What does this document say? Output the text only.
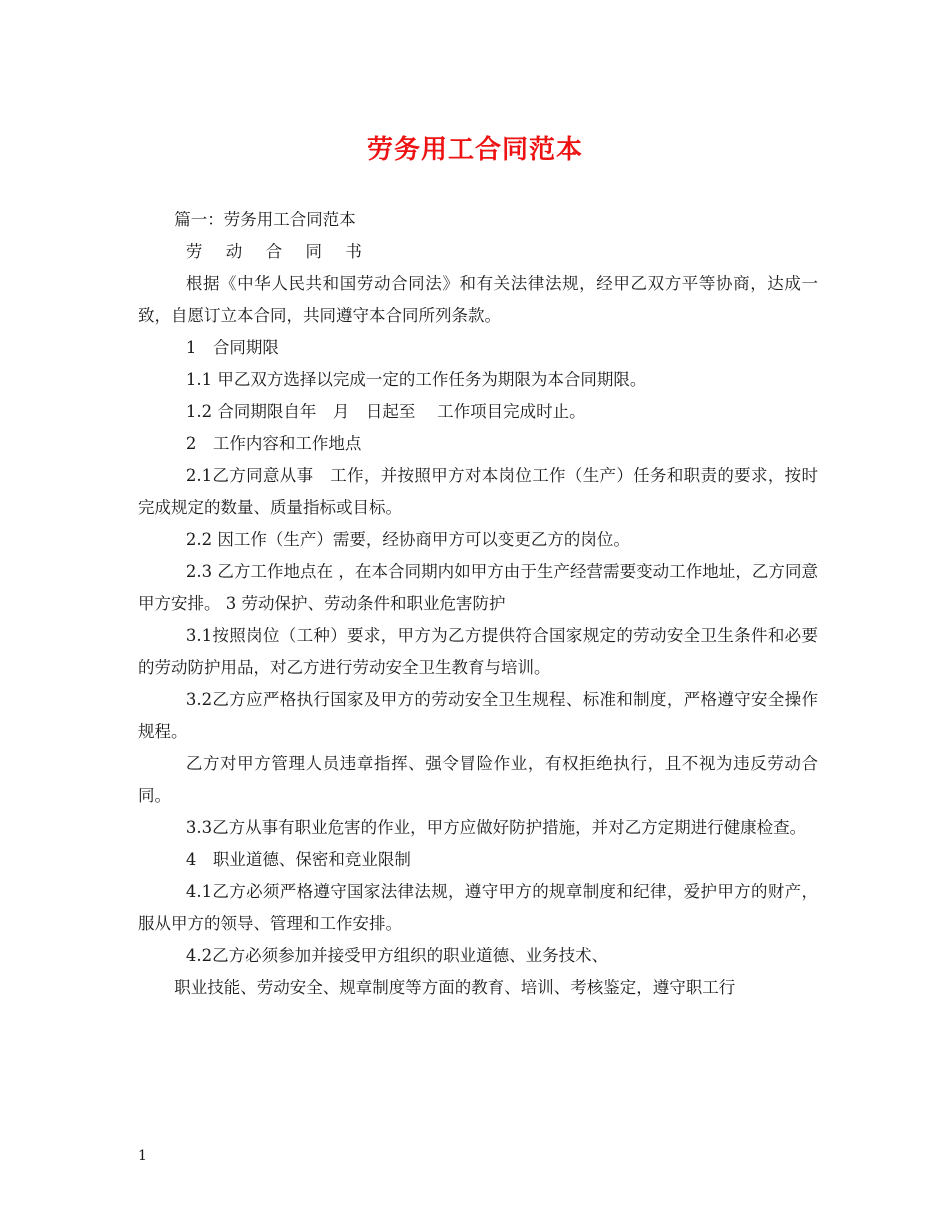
劳务用工合同范本

篇一：劳务用工合同范本

劳 动 合 同 书

根据《中华人民共和国劳动合同法》和有关法律法规，经甲乙双方平等协商，达成一致，自愿订立本合同，共同遵守本合同所列条款。

1　合同期限

1.1 甲乙双方选择以完成一定的工作任务为期限为本合同期限。

1.2 合同期限自年　月　日起至　 工作项目完成时止。

2　工作内容和工作地点

2.1乙方同意从事　工作，并按照甲方对本岗位工作（生产）任务和职责的要求，按时完成规定的数量、质量指标或目标。

2.2 因工作（生产）需要，经协商甲方可以变更乙方的岗位。

2.3 乙方工作地点在 ，在本合同期内如甲方由于生产经营需要变动工作地址，乙方同意甲方安排。 3 劳动保护、劳动条件和职业危害防护

3.1按照岗位（工种）要求，甲方为乙方提供符合国家规定的劳动安全卫生条件和必要的劳动防护用品，对乙方进行劳动安全卫生教育与培训。

3.2乙方应严格执行国家及甲方的劳动安全卫生规程、标准和制度，严格遵守安全操作规程。

乙方对甲方管理人员违章指挥、强令冒险作业，有权拒绝执行，且不视为违反劳动合同。

3.3乙方从事有职业危害的作业，甲方应做好防护措施，并对乙方定期进行健康检查。

4　职业道德、保密和竞业限制

4.1乙方必须严格遵守国家法律法规，遵守甲方的规章制度和纪律，爱护甲方的财产，服从甲方的领导、管理和工作安排。

4.2乙方必须参加并接受甲方组织的职业道德、业务技术、

职业技能、劳动安全、规章制度等方面的教育、培训、考核鉴定，遵守职工行

1
